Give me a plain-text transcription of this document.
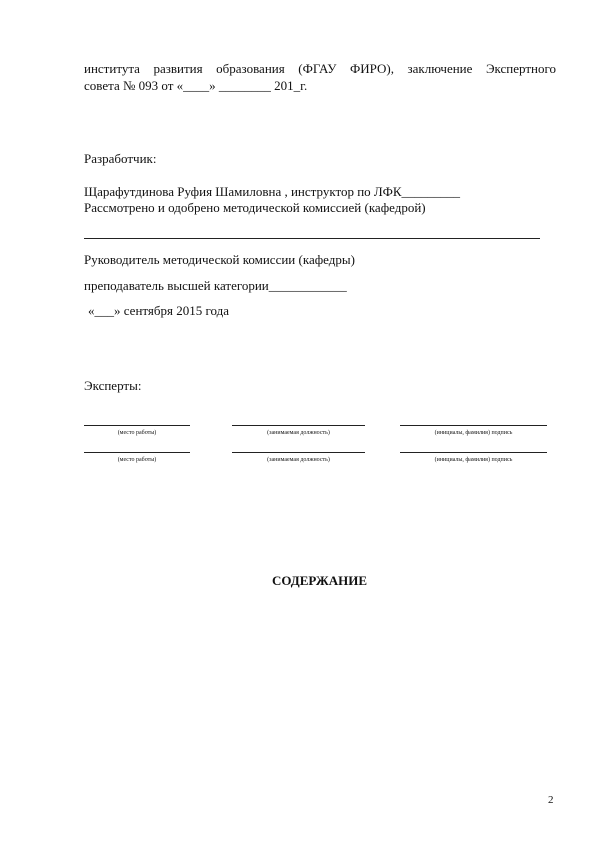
института развития образования (ФГАУ ФИРО), заключение Экспертного
совета № 093 от «____» ________ 201_г.
Разработчик:
Щарафутдинова Руфия Шамиловна , инструктор по ЛФК_________
Рассмотрено и одобрено методической комиссией (кафедрой)
Руководитель методической комиссии (кафедры)
преподаватель высшей категории____________
«___» сентября 2015 года
Эксперты:
(место работы)	(занимаемая должность)	(инициалы, фамилия) подпись
(место работы)	(занимаемая должность)	(инициалы, фамилия) подпись
СОДЕРЖАНИЕ
2
